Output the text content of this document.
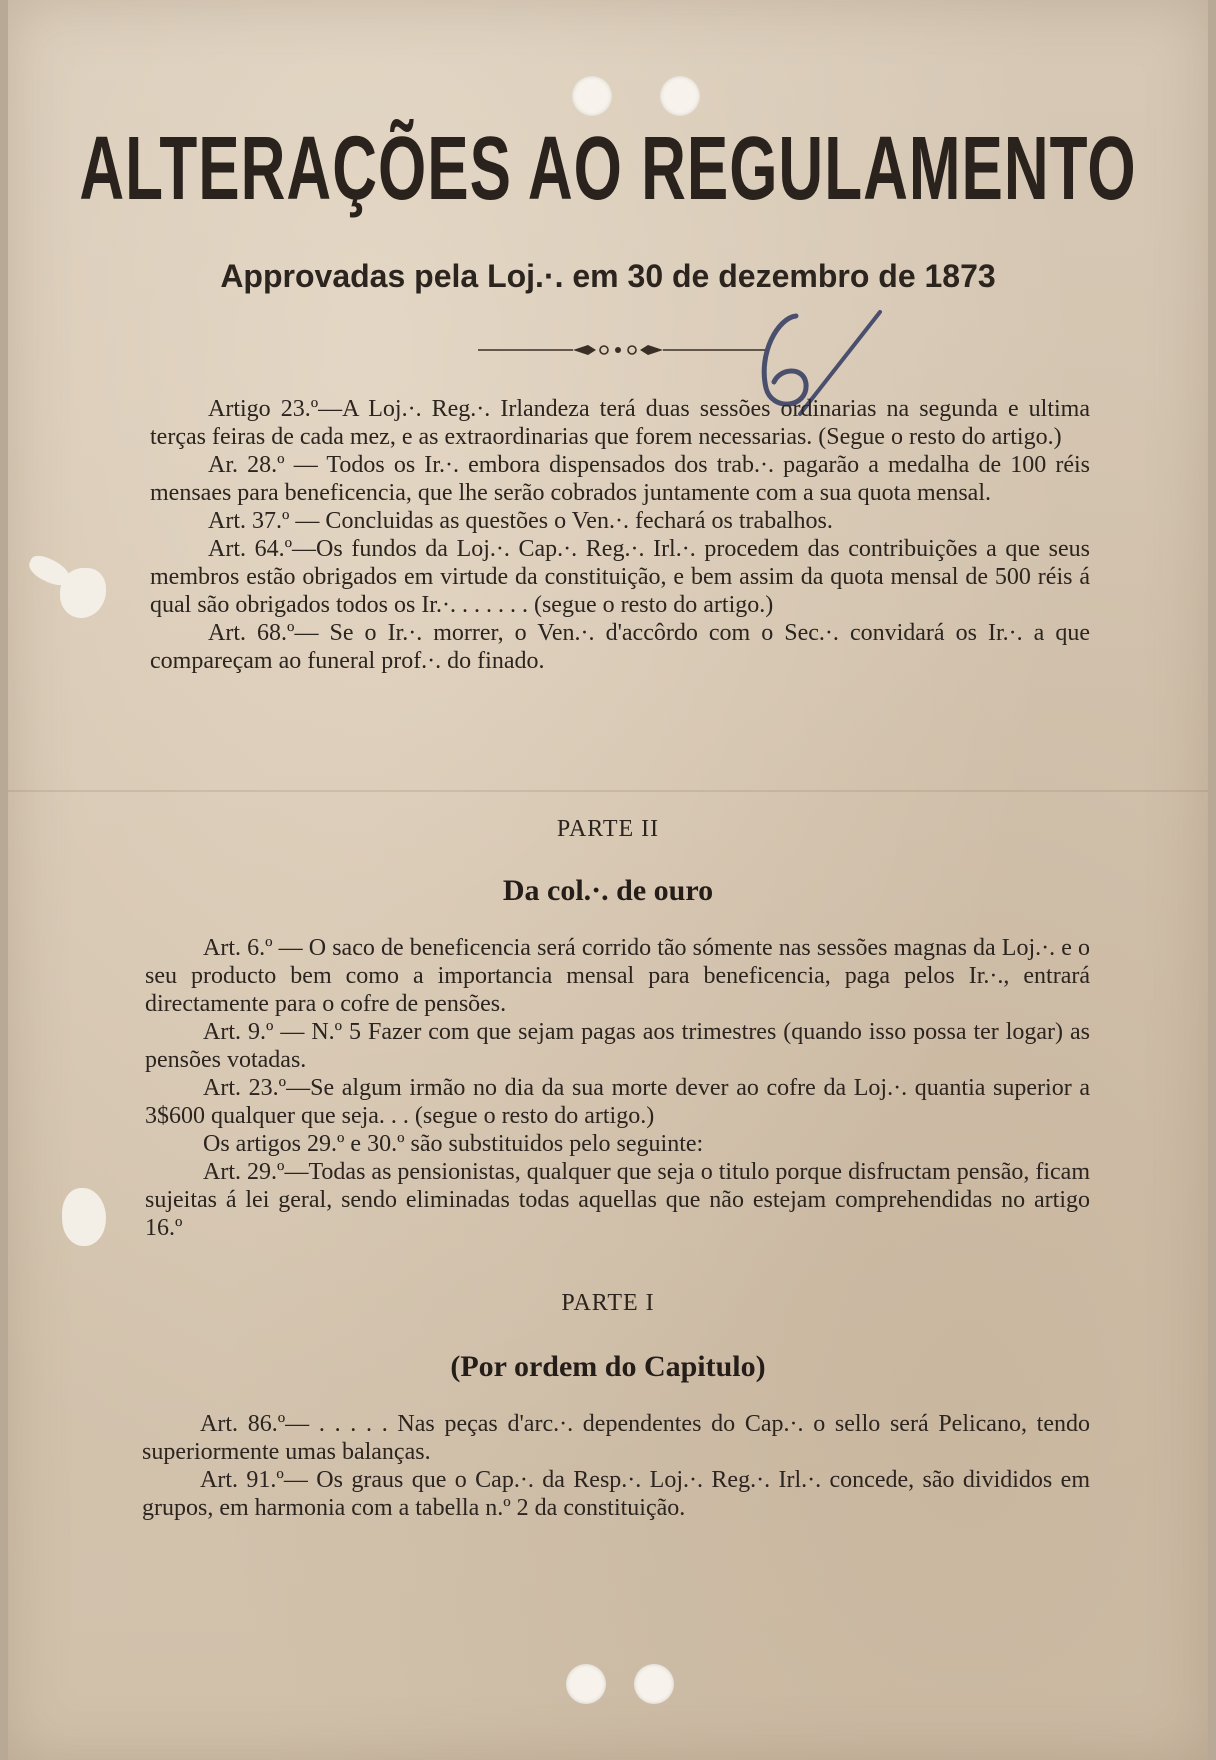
ALTERAÇÕES AO REGULAMENTO
Approvadas pela Loj.·. em 30 de dezembro de 1873

Artigo 23.º—A Loj.·. Reg.·. Irlandeza terá duas sessões ordinarias na segunda e ultima terças feiras de cada mez, e as extraordinarias que forem necessarias. (Segue o resto do artigo.)

Ar. 28.º — Todos os Ir.·. embora dispensados dos trab.·. pagarão a medalha de 100 réis mensaes para beneficencia, que lhe serão cobrados juntamente com a sua quota mensal.

Art. 37.º — Concluidas as questões o Ven.·. fechará os trabalhos.

Art. 64.º—Os fundos da Loj.·. Cap.·. Reg.·. Irl.·. procedem das contribuições a que seus membros estão obrigados em virtude da constituição, e bem assim da quota mensal de 500 réis á qual são obrigados todos os Ir.·. . . . . . . (segue o resto do artigo.)

Art. 68.º— Se o Ir.·. morrer, o Ven.·. d'accôrdo com o Sec.·. convidará os Ir.·. a que compareçam ao funeral prof.·. do finado.

PARTE II
Da col.·. de ouro

Art. 6.º — O saco de beneficencia será corrido tão sómente nas sessões magnas da Loj.·. e o seu producto bem como a importancia mensal para beneficencia, paga pelos Ir.·., entrará directamente para o cofre de pensões.

Art. 9.º — N.º 5 Fazer com que sejam pagas aos trimestres (quando isso possa ter logar) as pensões votadas.

Art. 23.º—Se algum irmão no dia da sua morte dever ao cofre da Loj.·. quantia superior a 3$600 qualquer que seja. . . (segue o resto do artigo.)

Os artigos 29.º e 30.º são substituidos pelo seguinte:

Art. 29.º—Todas as pensionistas, qualquer que seja o titulo porque disfructam pensão, ficam sujeitas á lei geral, sendo eliminadas todas aquellas que não estejam comprehendidas no artigo 16.º

PARTE I
(Por ordem do Capitulo)

Art. 86.º— . . . . . Nas peças d'arc.·. dependentes do Cap.·. o sello será Pelicano, tendo superiormente umas balanças.

Art. 91.º— Os graus que o Cap.·. da Resp.·. Loj.·. Reg.·. Irl.·. concede, são divididos em grupos, em harmonia com a tabella n.º 2 da constituição.
